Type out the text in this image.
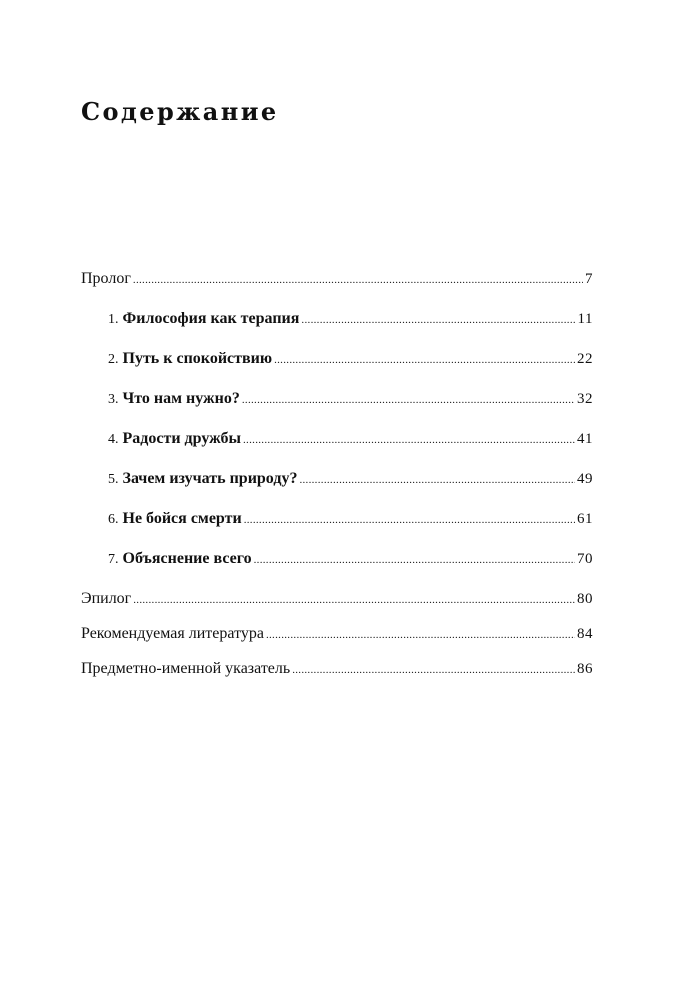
Содержание
Пролог .....	7
1. Философия как терапия .....	11
2. Путь к спокойствию .....	22
3. Что нам нужно? .....	32
4. Радости дружбы .....	41
5. Зачем изучать природу? .....	49
6. Не бойся смерти .....	61
7. Объяснение всего .....	70
Эпилог .....	80
Рекомендуемая литература .....	84
Предметно-именной указатель .....	86
